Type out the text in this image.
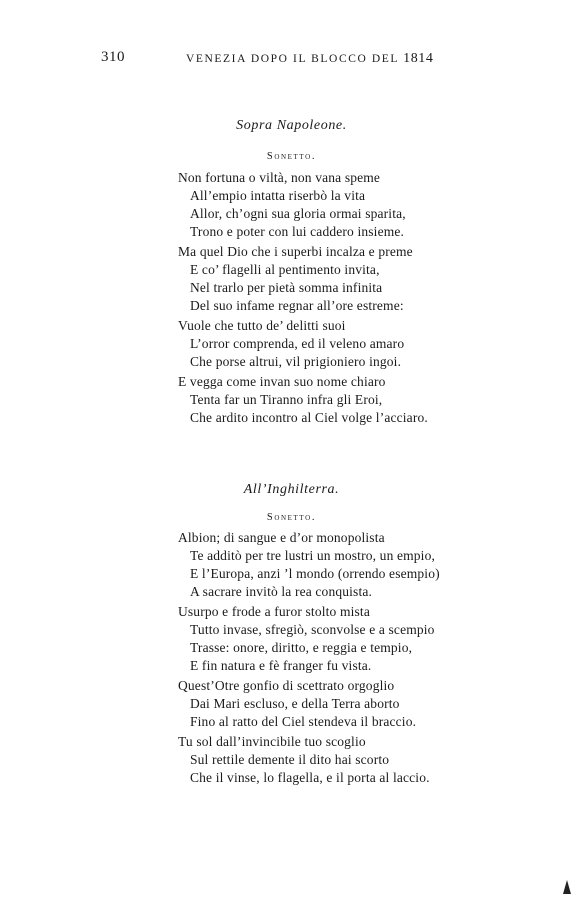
310	VENEZIA DOPO IL BLOCCO DEL 1814
Sopra Napoleone.
Sonetto.
Non fortuna o viltà, non vana speme
All’empio intatta riserbò la vita
Allor, ch’ogni sua gloria ormai sparita,
Trono e poter con lui caddero insieme.
Ma quel Dio che i superbi incalza e preme
E co’ flagelli al pentimento invita,
Nel trarlo per pietà somma infinita
Del suo infame regnar all’ore estreme:
Vuole che tutto de’ delitti suoi
L’orror comprenda, ed il veleno amaro
Che porse altrui, vil prigioniero ingoi.
E vegga come invan suo nome chiaro
Tenta far un Tiranno infra gli Eroi,
Che ardito incontro al Ciel volge l’acciaro.
All’Inghilterra.
Sonetto.
Albion; di sangue e d’or monopolista
Te additò per tre lustri un mostro, un empio,
E l’Europa, anzi ’l mondo (orrendo esempio)
A sacrare invitò la rea conquista.
Usurpo e frode a furor stolto mista
Tutto invase, sfregiò, sconvolse e a scempio
Trasse: onore, diritto, e reggia e tempio,
E fin natura e fè franger fu vista.
Quest’Otre gonfio di scettrato orgoglio
Dai Mari escluso, e della Terra aborto
Fino al ratto del Ciel stendeva il braccio.
Tu sol dall’invincibile tuo scoglio
Sul rettile demente il dito hai scorto
Che il vinse, lo flagella, e il porta al laccio.
